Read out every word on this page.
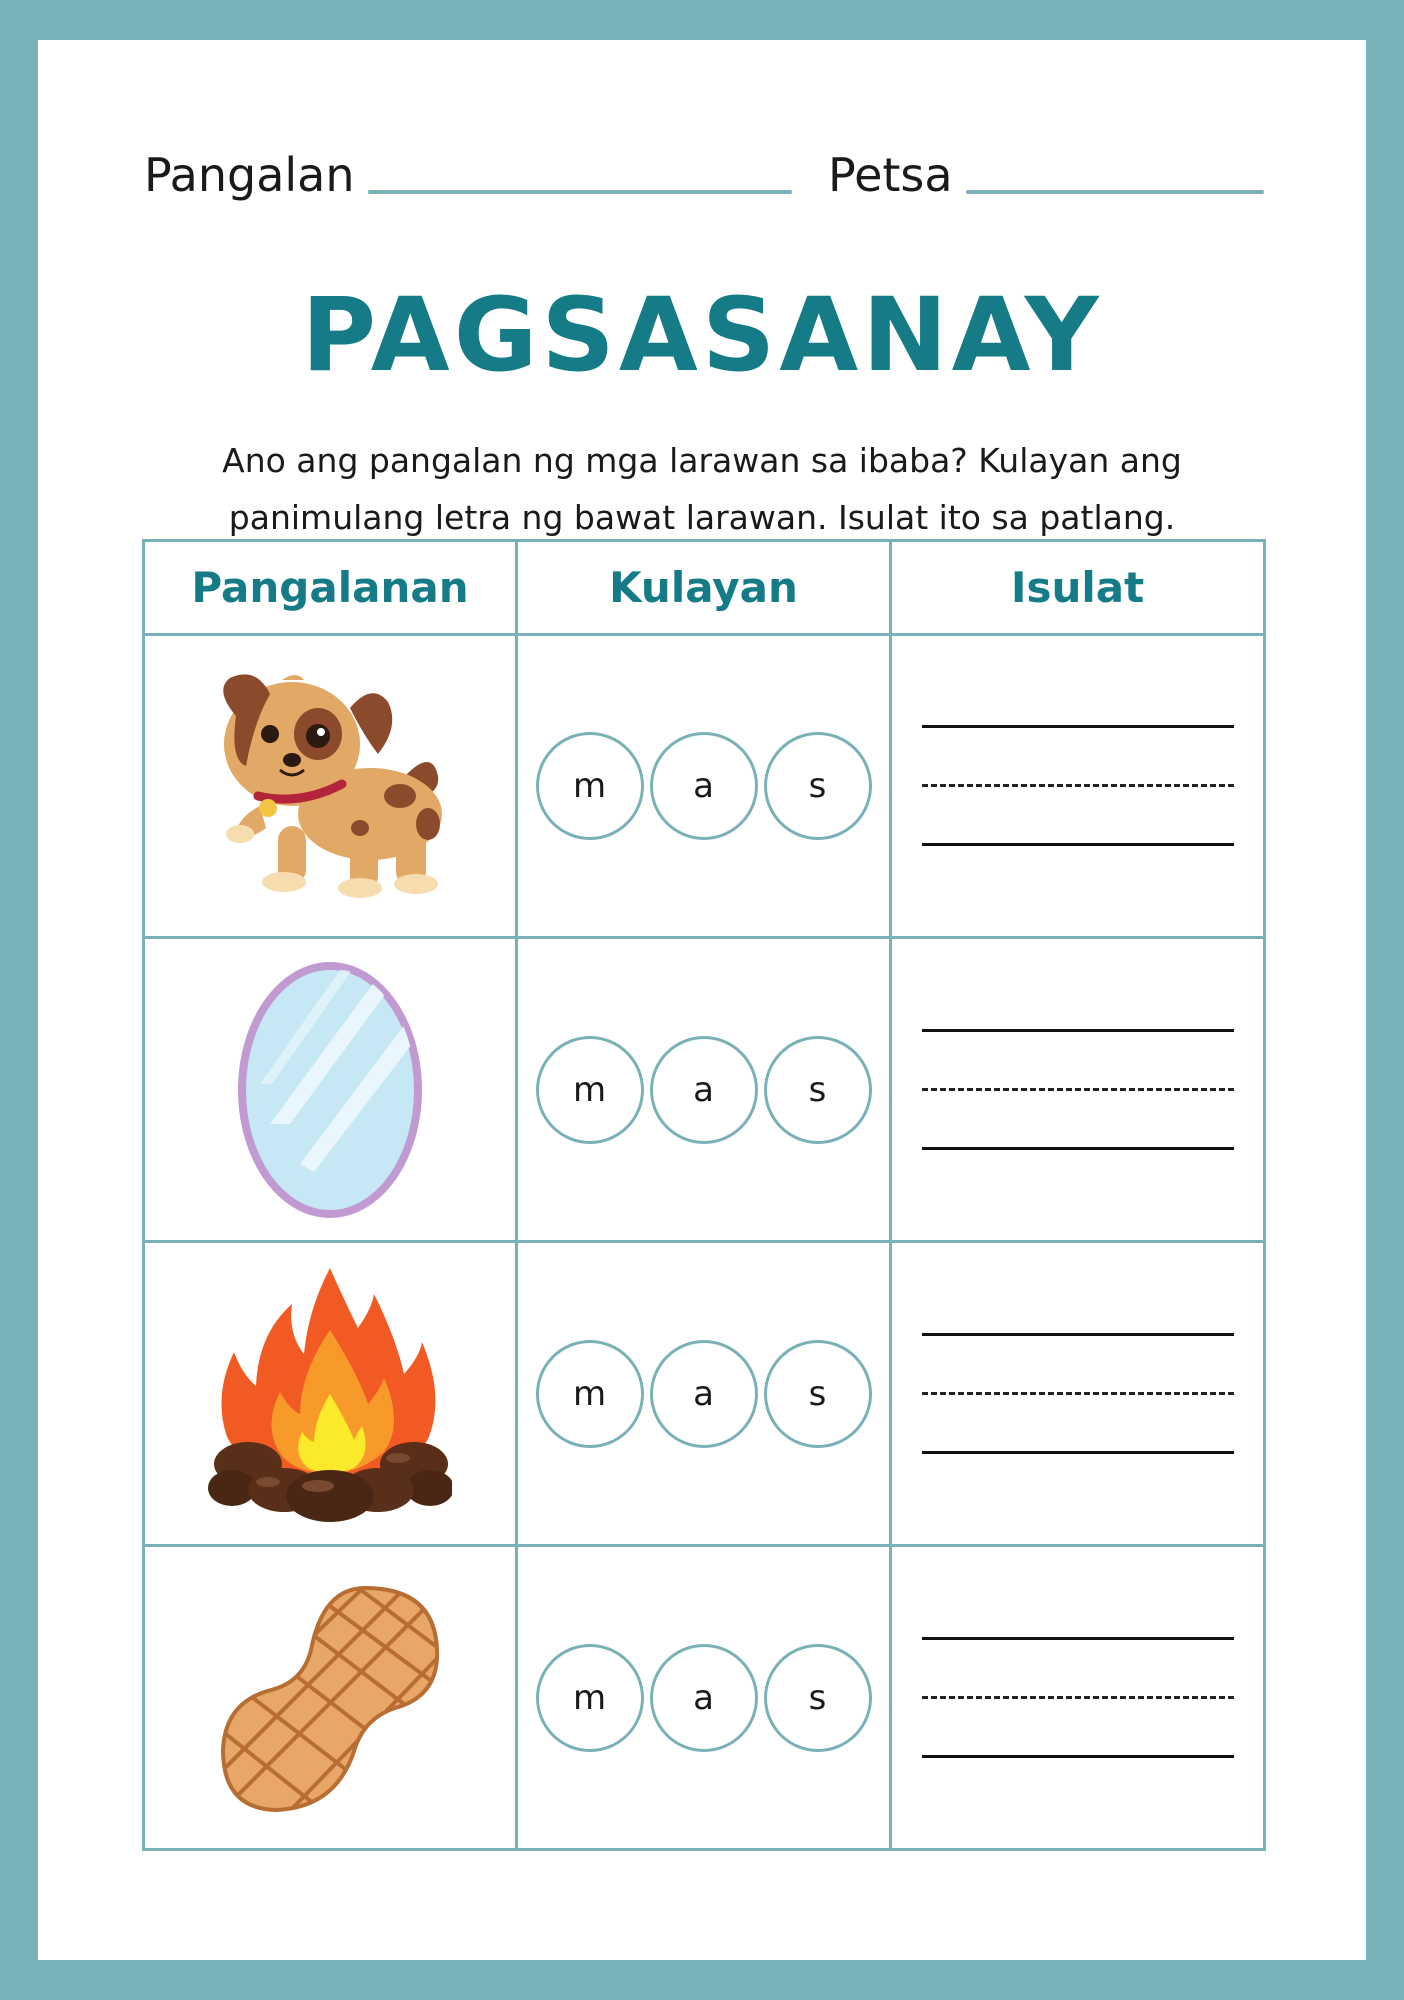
Pangalan	Petsa
PAGSASANAY

Ano ang pangalan ng mga larawan sa ibaba? Kulayan ang
panimulang letra ng bawat larawan. Isulat ito sa patlang.

Pangalanan	Kulayan	Isulat

m a s	

m a s	

m a s	

m a s	
